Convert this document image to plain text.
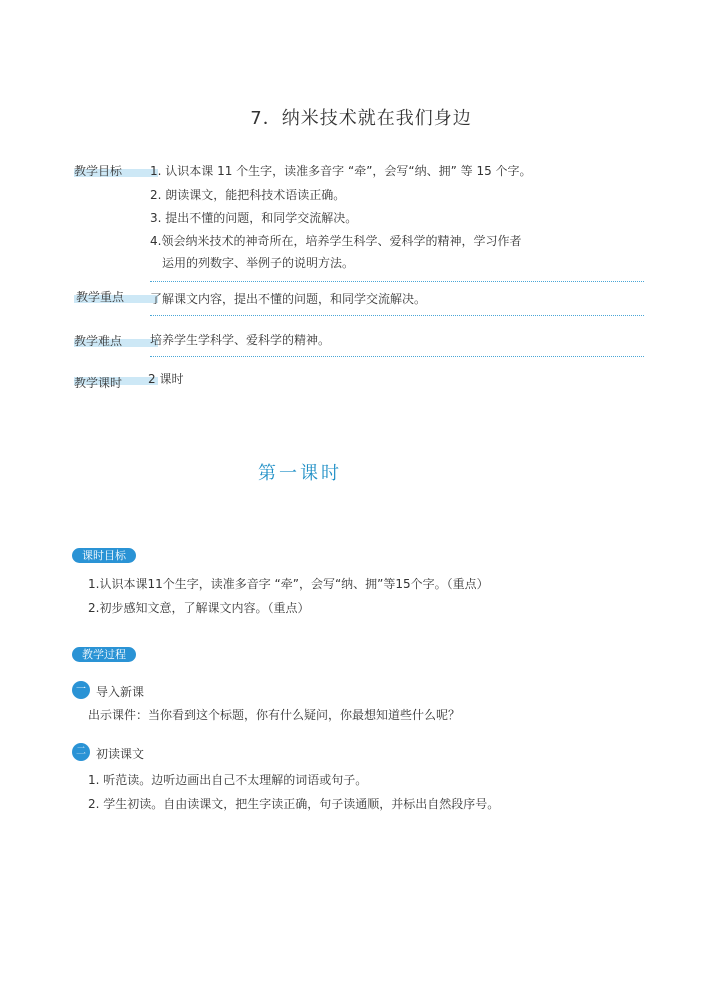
7．纳米技术就在我们身边
教学目标	1. 认识本课 11 个生字，读准多音字 “牵”，会写“纳、拥” 等 15 个字。
2. 朗读课文，能把科技术语读正确。
3. 提出不懂的问题，和同学交流解决。
4.领会纳米技术的神奇所在，培养学生科学、爱科学的精神，学习作者
运用的列数字、举例子的说明方法。
教学重点	了解课文内容，提出不懂的问题，和同学交流解决。
教学难点	培养学生学科学、爱科学的精神。
教学课时	2 课时
第一课时
课时目标
1.认识本课11个生字，读准多音字 “牵”，会写“纳、拥”等15个字。（重点）
2.初步感知文意，了解课文内容。（重点）
教学过程
一 导入新课
出示课件：当你看到这个标题，你有什么疑问，你最想知道些什么呢？
二 初读课文
1. 听范读。边听边画出自己不太理解的词语或句子。
2. 学生初读。自由读课文，把生字读正确，句子读通顺，并标出自然段序号。
